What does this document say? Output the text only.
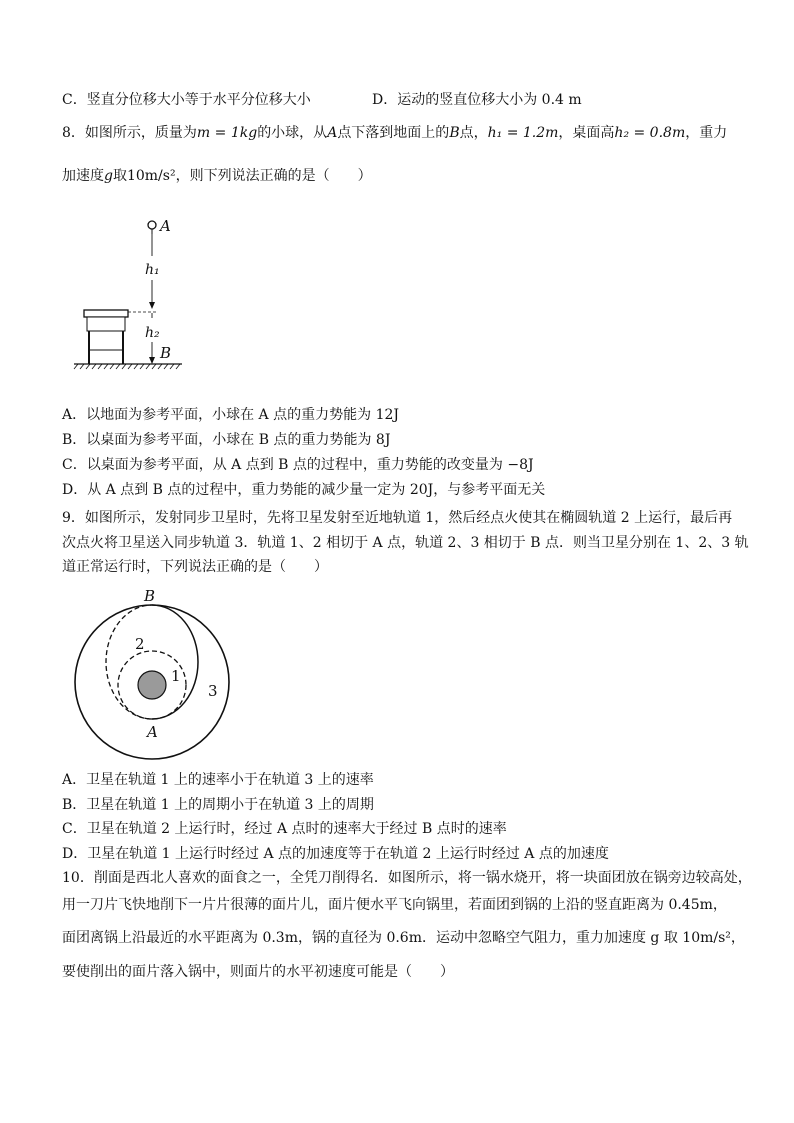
C．竖直分位移大小等于水平分位移大小	D．运动的竖直位移大小为 0.4 m
8．如图所示，质量为m = 1kg的小球，从A点下落到地面上的B点，h₁ = 1.2m，桌面高h₂ = 0.8m，重力
加速度g取10m/s²，则下列说法正确的是（　　）
A
h₁
h₂
B
A．以地面为参考平面，小球在 A 点的重力势能为 12J
B．以桌面为参考平面，小球在 B 点的重力势能为 8J
C．以桌面为参考平面，从 A 点到 B 点的过程中，重力势能的改变量为 −8J
D．从 A 点到 B 点的过程中，重力势能的减少量一定为 20J，与参考平面无关
9．如图所示，发射同步卫星时，先将卫星发射至近地轨道 1，然后经点火使其在椭圆轨道 2 上运行，最后再
次点火将卫星送入同步轨道 3．轨道 1、2 相切于 A 点，轨道 2、3 相切于 B 点．则当卫星分别在 1、2、3 轨
道正常运行时，下列说法正确的是（　　）
B
2
1
3
A
A．卫星在轨道 1 上的速率小于在轨道 3 上的速率
B．卫星在轨道 1 上的周期小于在轨道 3 上的周期
C．卫星在轨道 2 上运行时，经过 A 点时的速率大于经过 B 点时的速率
D．卫星在轨道 1 上运行时经过 A 点的加速度等于在轨道 2 上运行时经过 A 点的加速度
10．削面是西北人喜欢的面食之一，全凭刀削得名．如图所示，将一锅水烧开，将一块面团放在锅旁边较高处，
用一刀片飞快地削下一片片很薄的面片儿，面片便水平飞向锅里，若面团到锅的上沿的竖直距离为 0.45m，
面团离锅上沿最近的水平距离为 0.3m，锅的直径为 0.6m．运动中忽略空气阻力，重力加速度 g 取 10m/s²，
要使削出的面片落入锅中，则面片的水平初速度可能是（　　）
